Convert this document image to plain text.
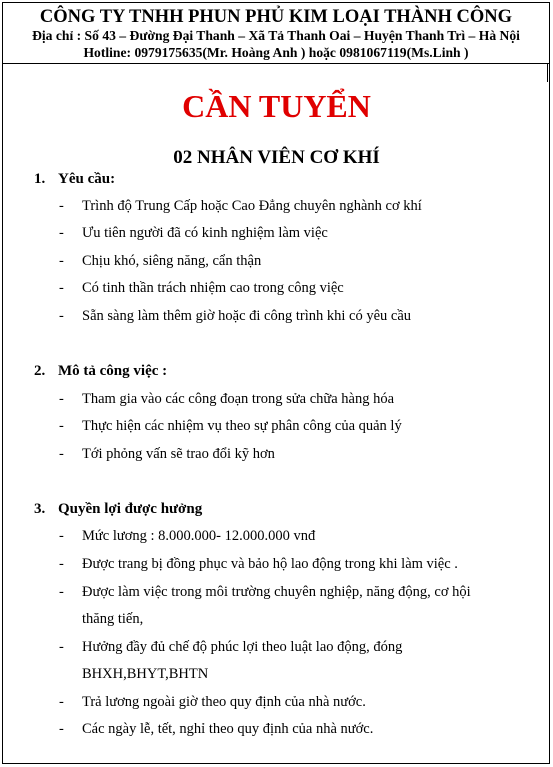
CÔNG TY TNHH PHUN PHỦ KIM LOẠI THÀNH CÔNG
Địa chỉ : Số 43 – Đường Đại Thanh – Xã Tả Thanh Oai – Huyện Thanh Trì – Hà Nội
Hotline: 0979175635(Mr. Hoàng Anh ) hoặc 0981067119(Ms.Linh )
CẦN TUYỂN
02 NHÂN VIÊN CƠ KHÍ
1. Yêu cầu:
- Trình độ Trung Cấp hoặc Cao Đẳng chuyên nghành cơ khí
- Ưu tiên người đã có kinh nghiệm làm việc
- Chịu khó, siêng năng, cẩn thận
- Có tinh thần trách nhiệm cao trong công việc
- Sẵn sàng làm thêm giờ hoặc đi công trình khi có yêu cầu
2. Mô tả công việc :
- Tham gia vào các công đoạn trong sửa chữa hàng hóa
- Thực hiện các nhiệm vụ theo sự phân công của quản lý
- Tới phỏng vấn sẽ trao đổi kỹ hơn
3. Quyền lợi được hưởng
- Mức lương : 8.000.000- 12.000.000 vnđ
- Được trang bị đồng phục và bảo hộ lao động trong khi làm việc .
- Được làm việc trong môi trường chuyên nghiệp, năng động, cơ hội
thăng tiến,
- Hưởng đầy đủ chế độ phúc lợi theo luật lao động, đóng
BHXH,BHYT,BHTN
- Trả lương ngoài giờ theo quy định của nhà nước.
- Các ngày lễ, tết, nghỉ theo quy định của nhà nước.
